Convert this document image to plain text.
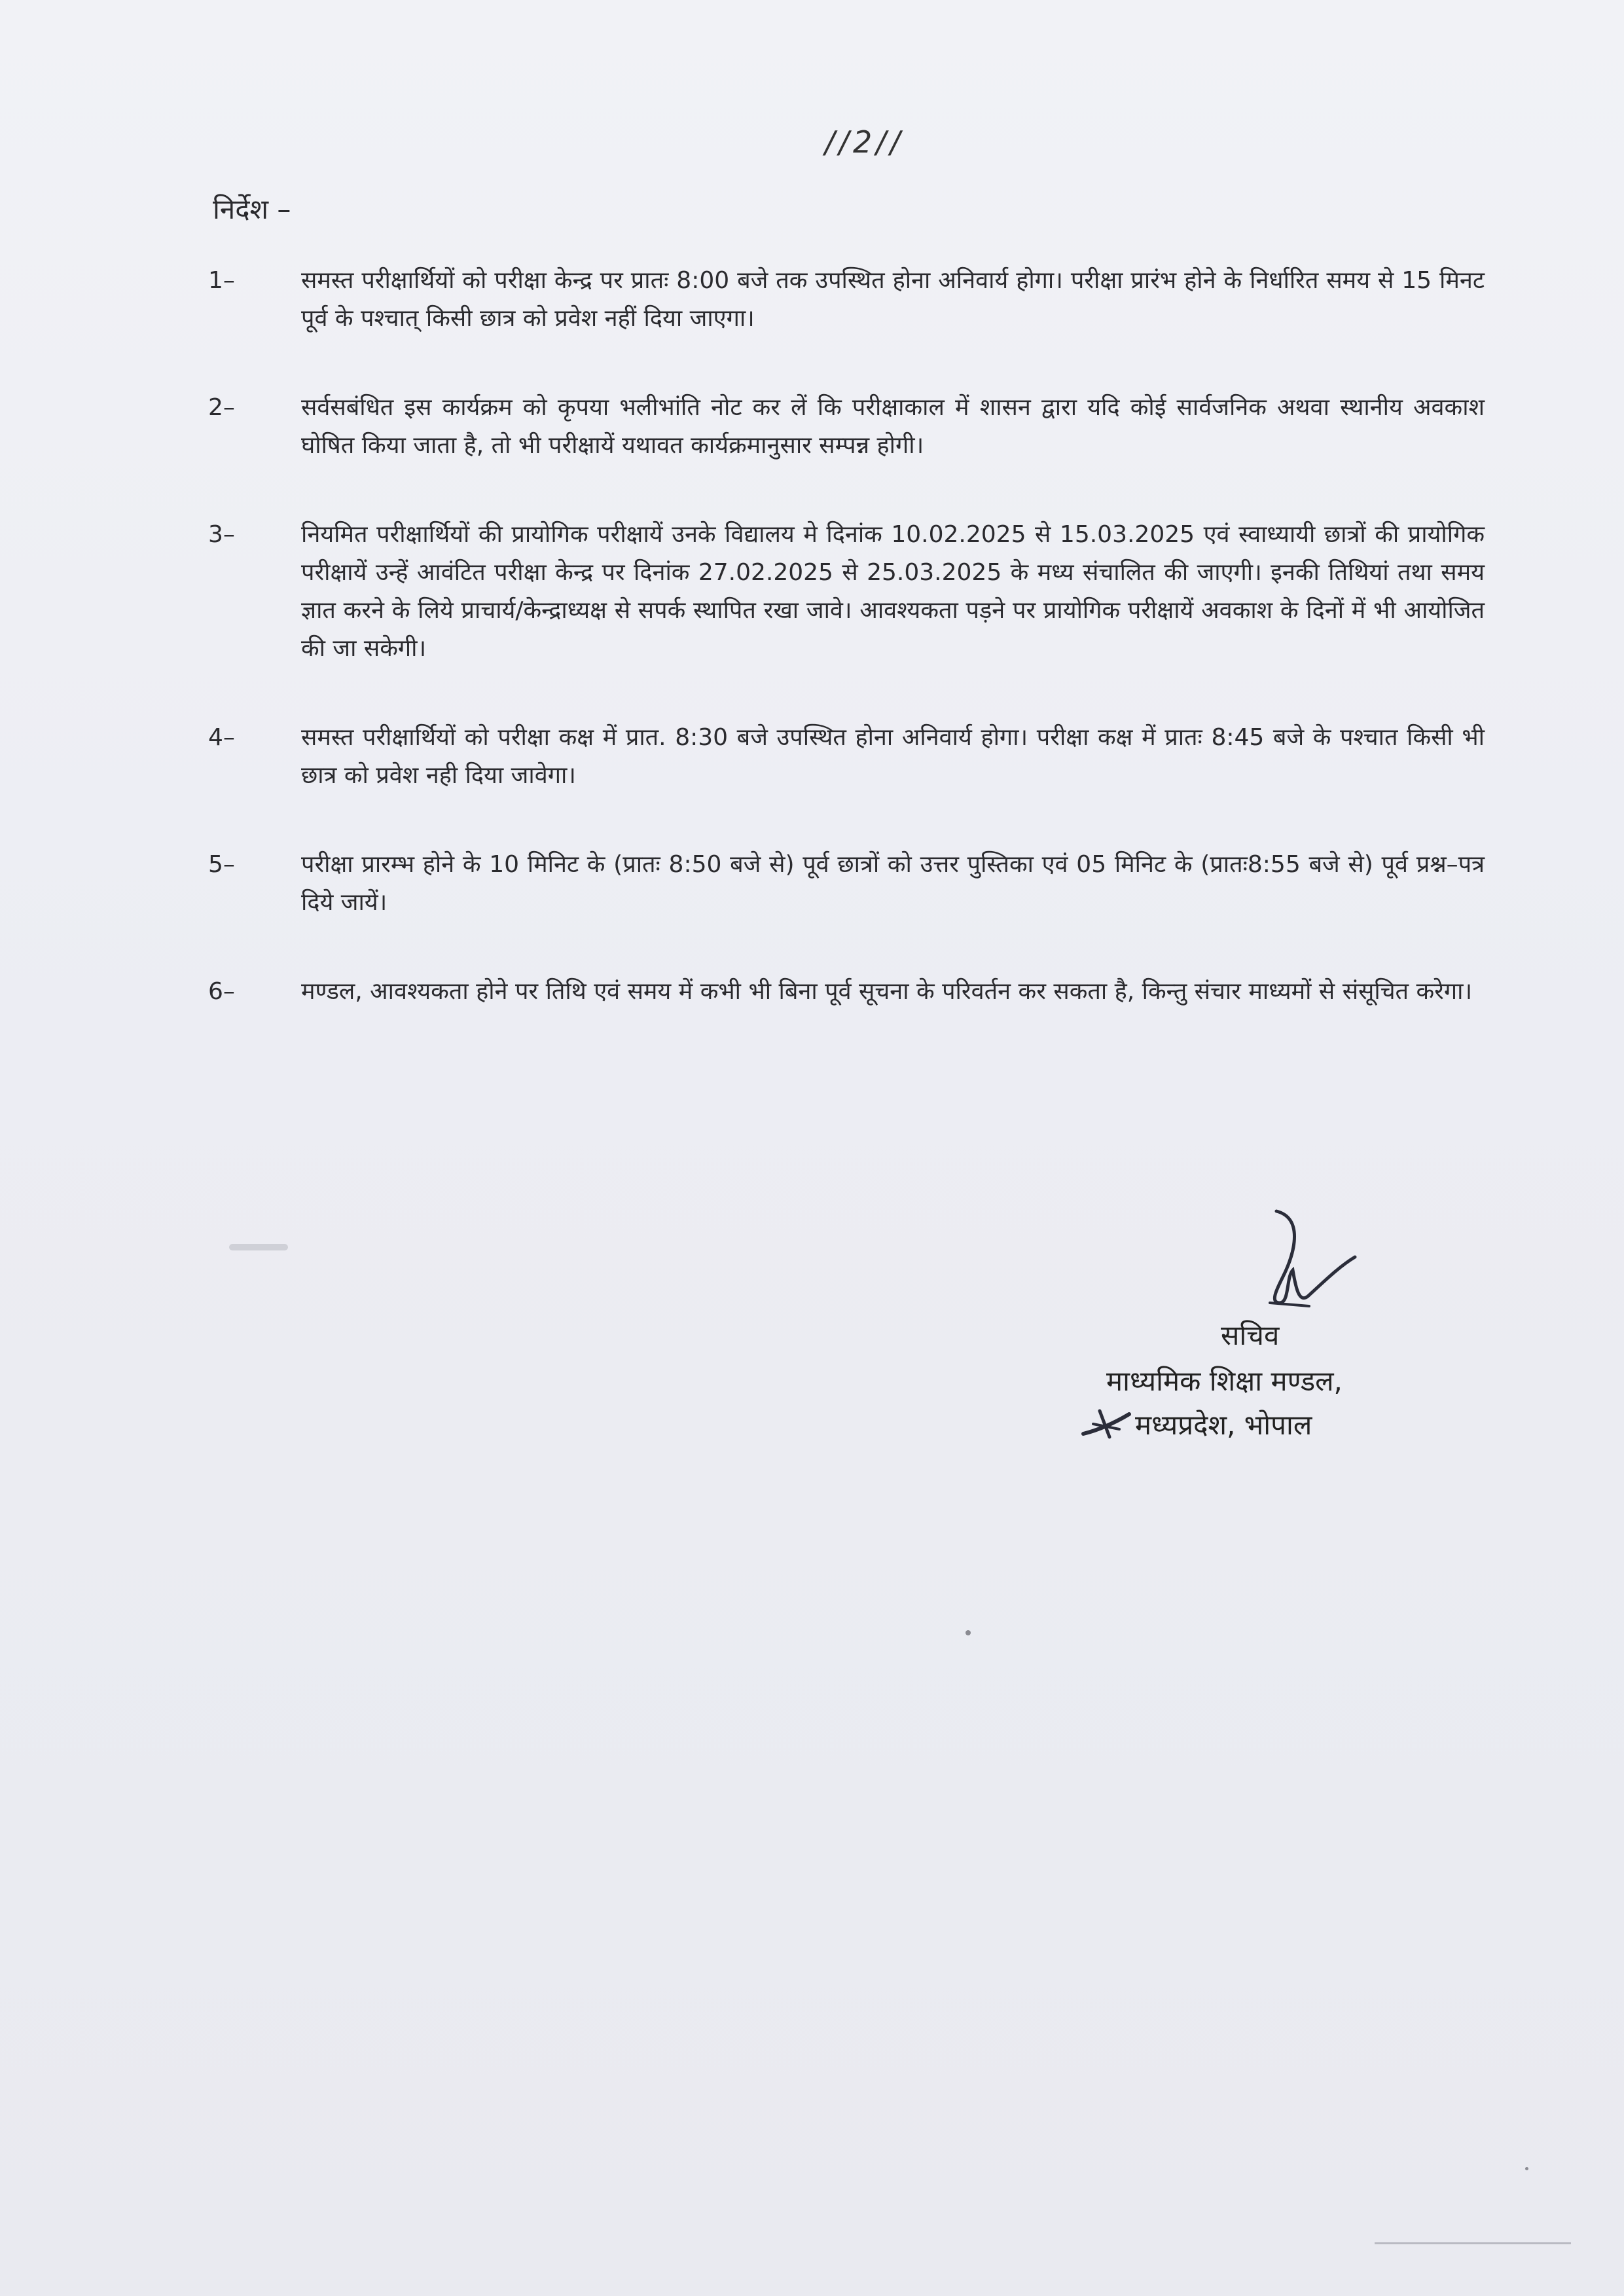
//2//
निर्देश –
1–	समस्त परीक्षार्थियों को परीक्षा केन्द्र पर प्रातः 8:00 बजे तक उपस्थित होना अनिवार्य होगा। परीक्षा प्रारंभ होने के निर्धारित समय से 15 मिनट पूर्व के पश्चात् किसी छात्र को प्रवेश नहीं दिया जाएगा।
2–	सर्वसबंधित इस कार्यक्रम को कृपया भलीभांति नोट कर लें कि परीक्षाकाल में शासन द्वारा यदि कोई सार्वजनिक अथवा स्थानीय अवकाश घोषित किया जाता है, तो भी परीक्षायें यथावत कार्यक्रमानुसार सम्पन्न होगी।
3–	नियमित परीक्षार्थियों की प्रायोगिक परीक्षायें उनके विद्यालय मे दिनांक 10.02.2025 से 15.03.2025 एवं स्वाध्यायी छात्रों की प्रायोगिक परीक्षायें उन्हें आवंटित परीक्षा केन्द्र पर दिनांक 27.02.2025 से 25.03.2025 के मध्य संचालित की जाएगी। इनकी तिथियां तथा समय ज्ञात करने के लिये प्राचार्य/केन्द्राध्यक्ष से सपर्क स्थापित रखा जावे। आवश्यकता पड़ने पर प्रायोगिक परीक्षायें अवकाश के दिनों में भी आयोजित की जा सकेगी।
4–	समस्त परीक्षार्थियों को परीक्षा कक्ष में प्रात. 8:30 बजे उपस्थित होना अनिवार्य होगा। परीक्षा कक्ष में प्रातः 8:45 बजे के पश्चात किसी भी छात्र को प्रवेश नही दिया जावेगा।
5–	परीक्षा प्रारम्भ होने के 10 मिनिट के (प्रातः 8:50 बजे से) पूर्व छात्रों को उत्तर पुस्तिका एवं 05 मिनिट के (प्रातः8:55 बजे से) पूर्व प्रश्न–पत्र दिये जायें।
6–	मण्डल, आवश्यकता होने पर तिथि एवं समय में कभी भी बिना पूर्व सूचना के परिवर्तन कर सकता है, किन्तु संचार माध्यमों से संसूचित करेगा।
सचिव
माध्यमिक शिक्षा मण्डल,
मध्यप्रदेश, भोपाल
